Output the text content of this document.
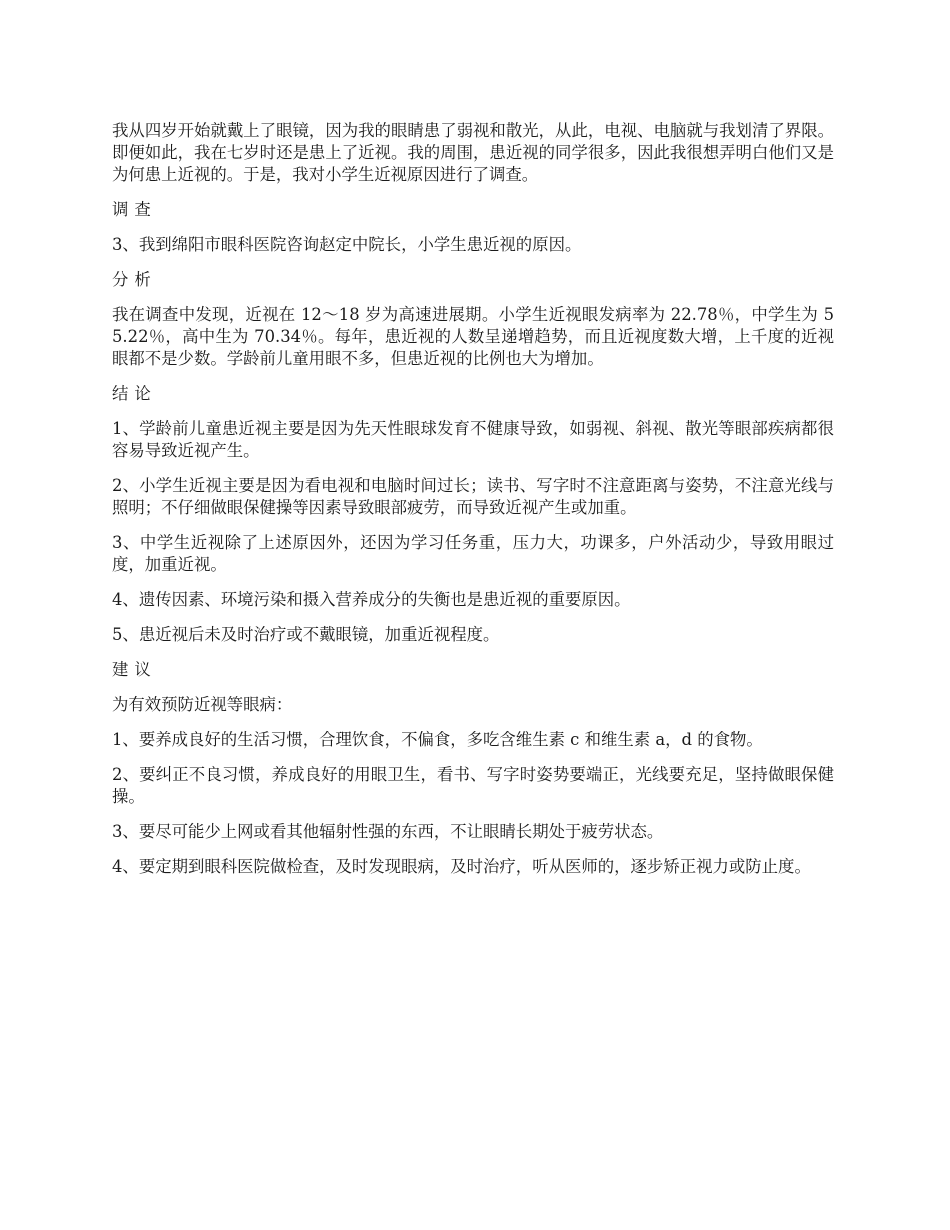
我从四岁开始就戴上了眼镜，因为我的眼睛患了弱视和散光，从此，电视、电脑就与我划清了界限。即便如此，我在七岁时还是患上了近视。我的周围，患近视的同学很多，因此我很想弄明白他们又是为何患上近视的。于是，我对小学生近视原因进行了调查。

调查

3、我到绵阳市眼科医院咨询赵定中院长，小学生患近视的原因。

分析

我在调查中发现，近视在 12～18 岁为高速进展期。小学生近视眼发病率为 22.78％，中学生为 55.22％，高中生为 70.34％。每年，患近视的人数呈递增趋势，而且近视度数大增，上千度的近视眼都不是少数。学龄前儿童用眼不多，但患近视的比例也大为增加。

结论

1、学龄前儿童患近视主要是因为先天性眼球发育不健康导致，如弱视、斜视、散光等眼部疾病都很容易导致近视产生。

2、小学生近视主要是因为看电视和电脑时间过长；读书、写字时不注意距离与姿势，不注意光线与照明；不仔细做眼保健操等因素导致眼部疲劳，而导致近视产生或加重。

3、中学生近视除了上述原因外，还因为学习任务重，压力大，功课多，户外活动少，导致用眼过度，加重近视。

4、遗传因素、环境污染和摄入营养成分的失衡也是患近视的重要原因。

5、患近视后未及时治疗或不戴眼镜，加重近视程度。

建议

为有效预防近视等眼病：

1、要养成良好的生活习惯，合理饮食，不偏食，多吃含维生素 c 和维生素 a，d 的食物。

2、要纠正不良习惯，养成良好的用眼卫生，看书、写字时姿势要端正，光线要充足，坚持做眼保健操。

3、要尽可能少上网或看其他辐射性强的东西，不让眼睛长期处于疲劳状态。

4、要定期到眼科医院做检查，及时发现眼病，及时治疗，听从医师的，逐步矫正视力或防止度。
